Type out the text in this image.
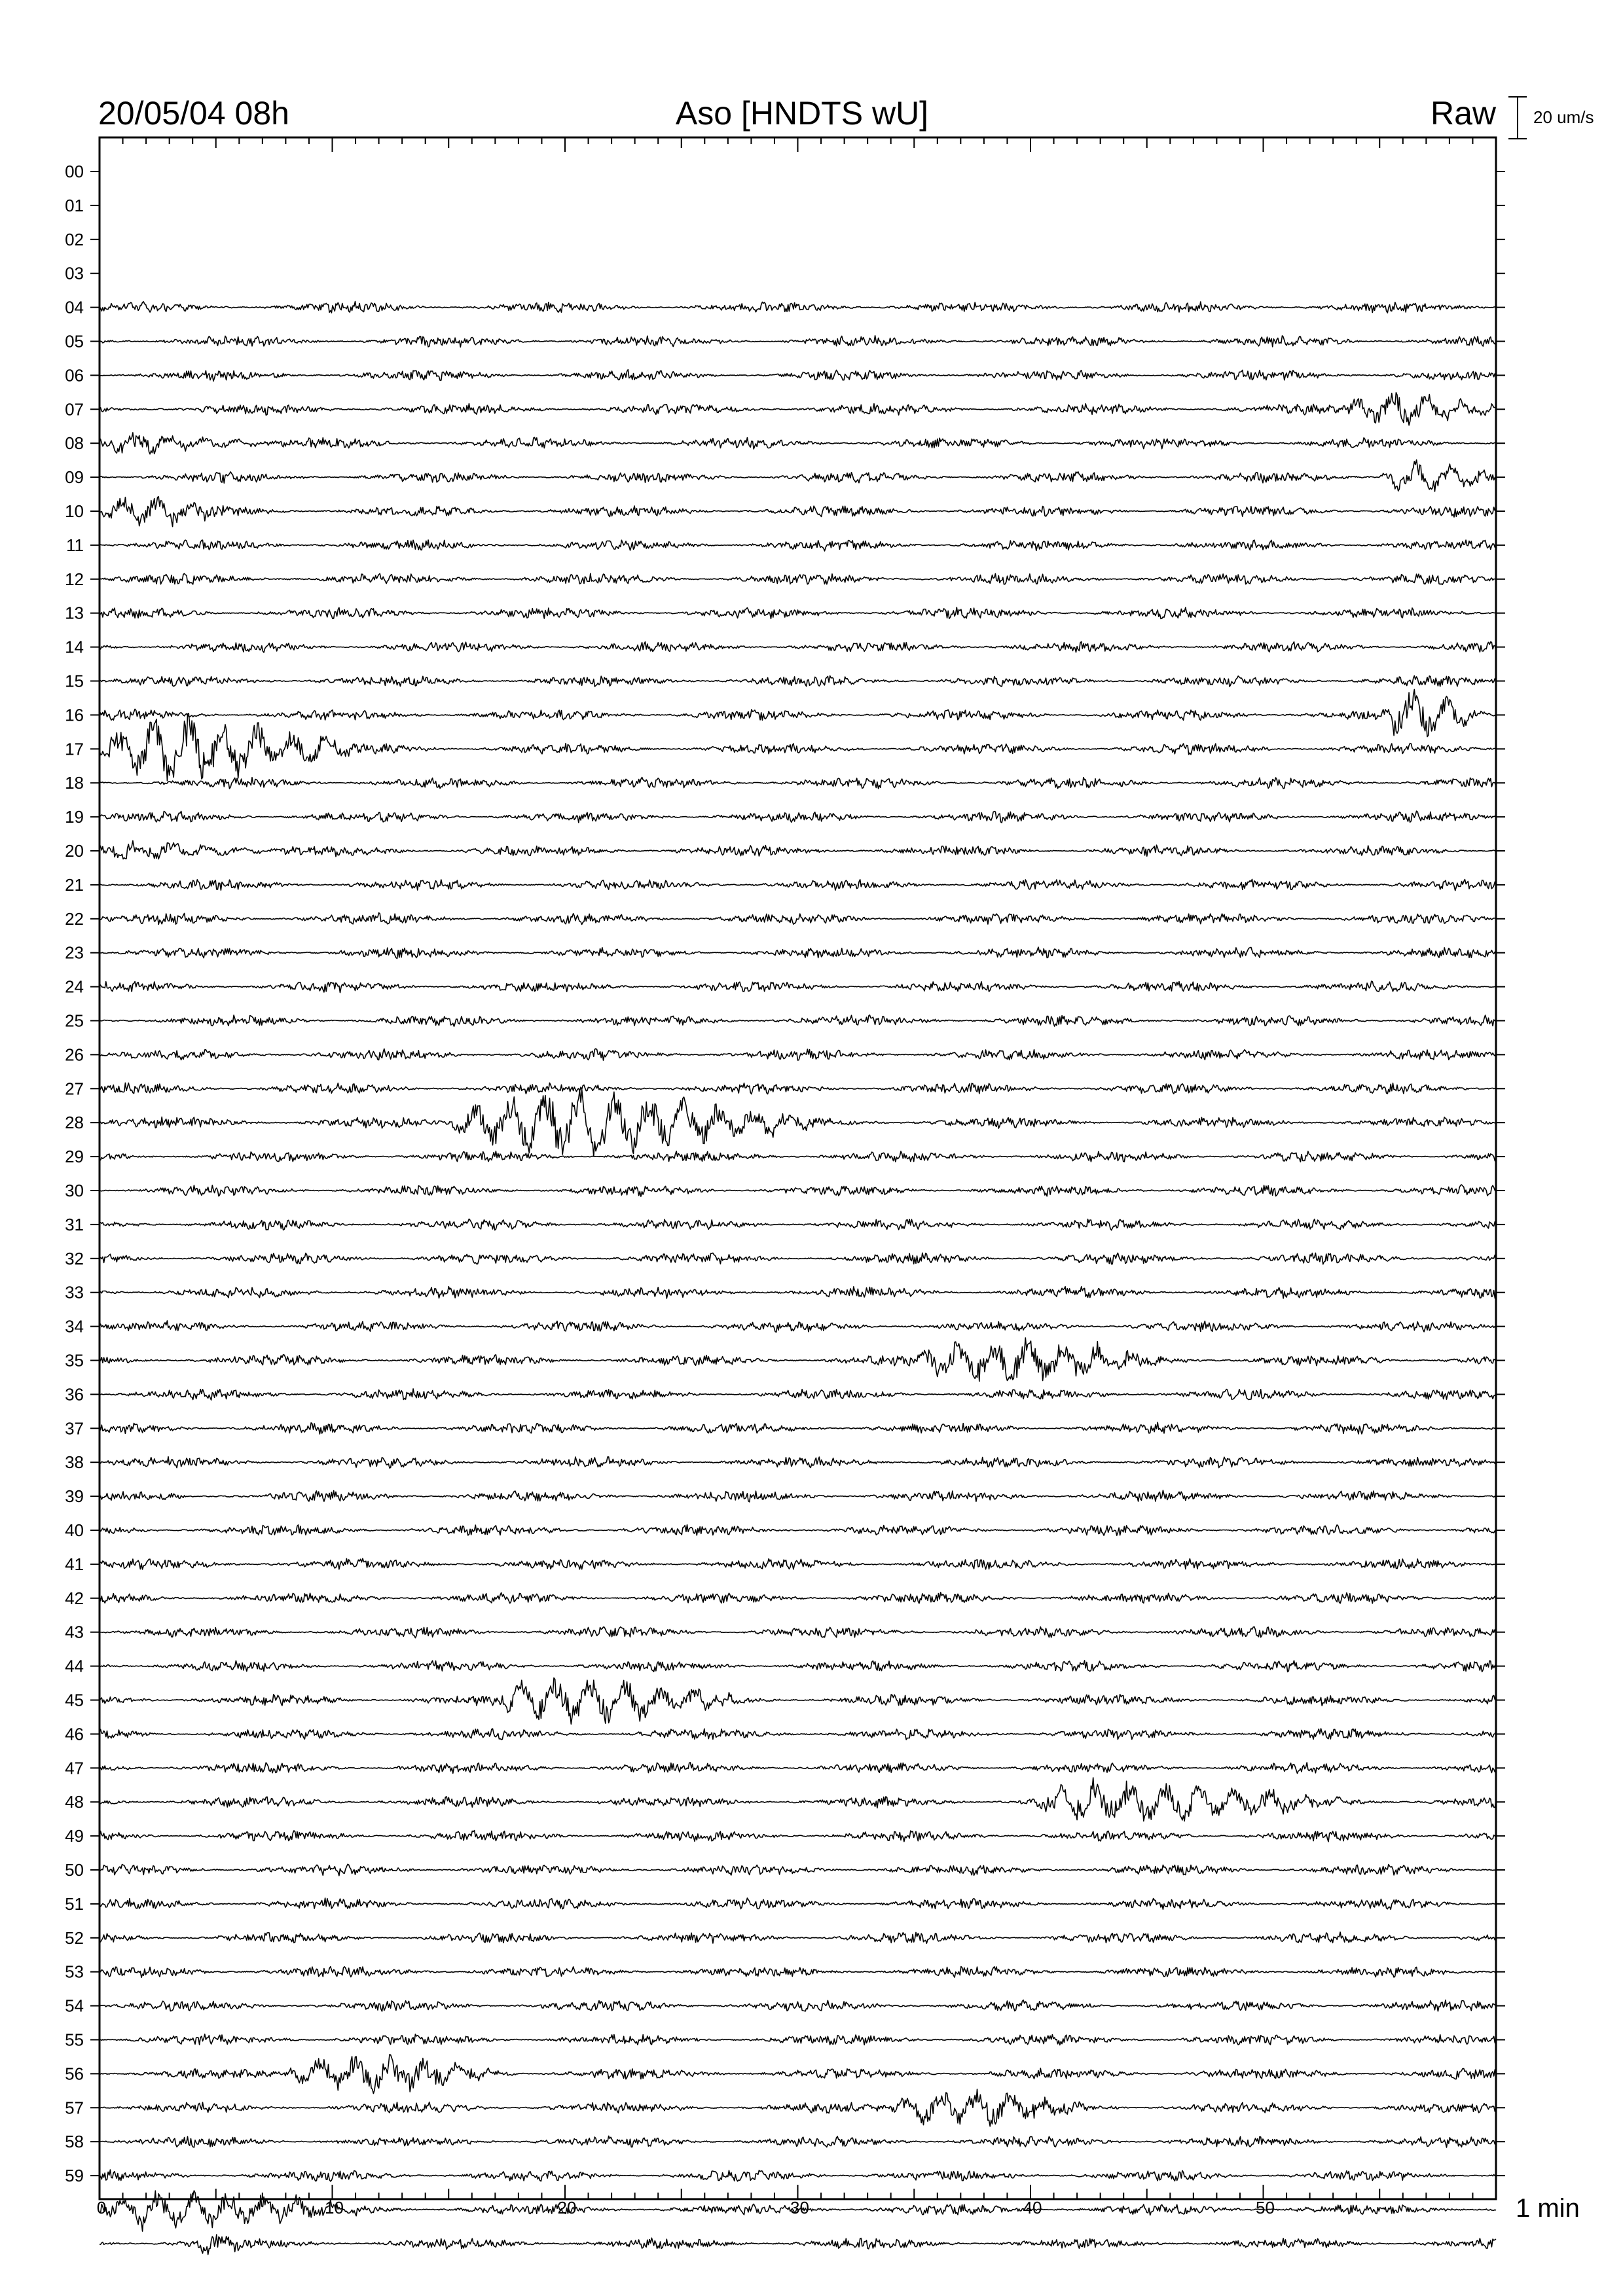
20/05/04 08h	Aso [HNDTS wU]	Raw 20 um/s
00
01
02
03
04
05
06
07
08
09
10
11
12
13
14
15
16
17
18
19
20
21
22
23
24
25
26
27
28
29
30
31
32
33
34
35
36
37
38
39
40
41
42
43
44
45
46
47
48
49
50
51
52
53
54
55
56
57
58
59
0	10	20	30	40	50	1 min
